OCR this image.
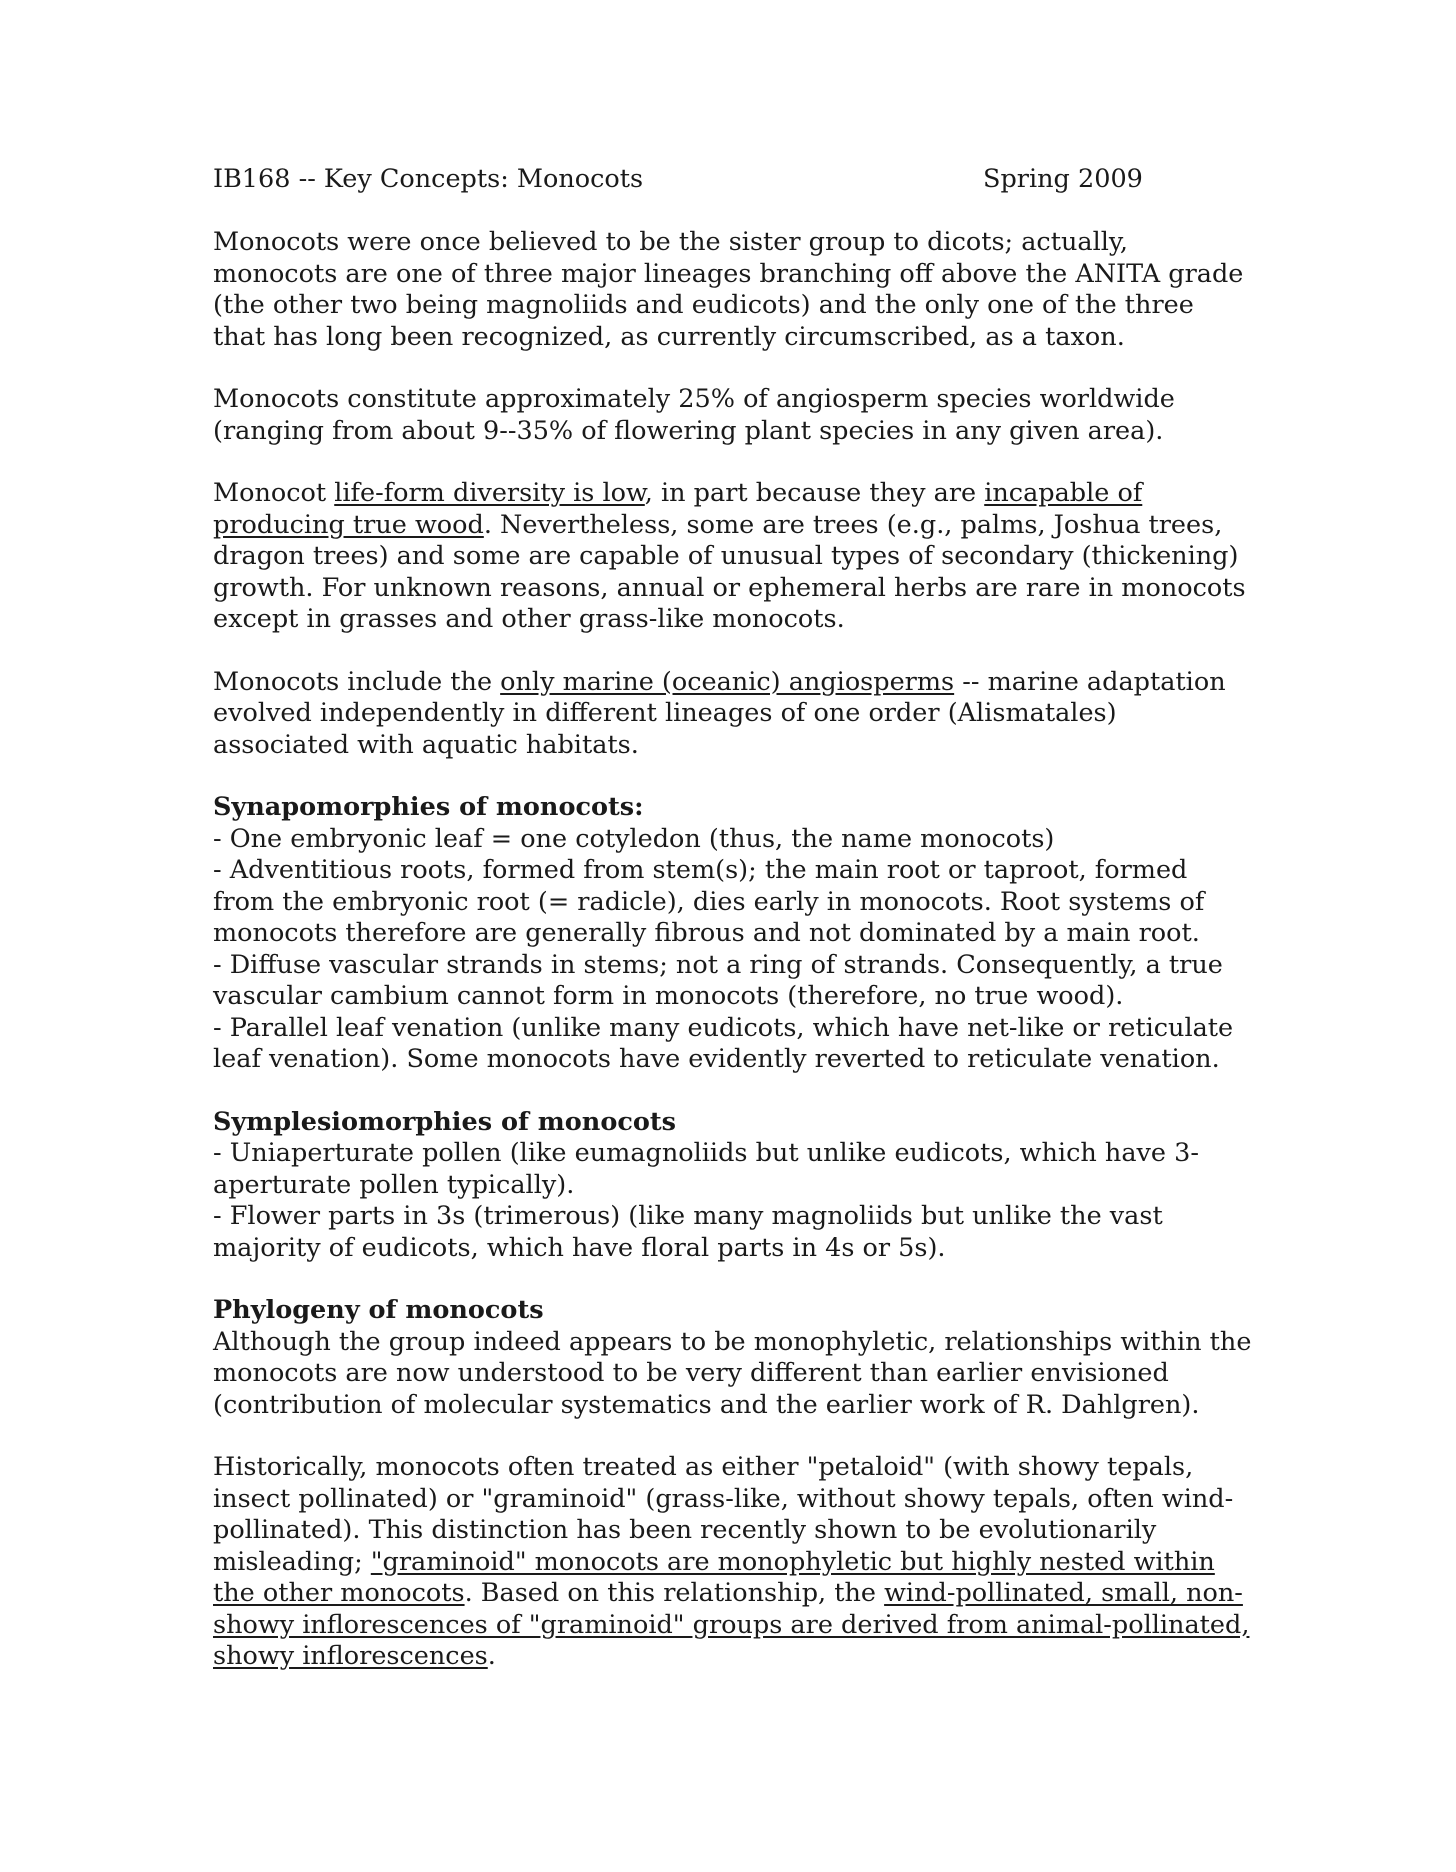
IB168 -- Key Concepts: Monocots	Spring 2009

Monocots were once believed to be the sister group to dicots; actually, monocots are one of three major lineages branching off above the ANITA grade (the other two being magnoliids and eudicots) and the only one of the three that has long been recognized, as currently circumscribed, as a taxon.

Monocots constitute approximately 25% of angiosperm species worldwide (ranging from about 9--35% of flowering plant species in any given area).

Monocot life-form diversity is low, in part because they are incapable of producing true wood. Nevertheless, some are trees (e.g., palms, Joshua trees, dragon trees) and some are capable of unusual types of secondary (thickening) growth. For unknown reasons, annual or ephemeral herbs are rare in monocots except in grasses and other grass-like monocots.

Monocots include the only marine (oceanic) angiosperms -- marine adaptation evolved independently in different lineages of one order (Alismatales) associated with aquatic habitats.

Synapomorphies of monocots:

- One embryonic leaf = one cotyledon (thus, the name monocots)

- Adventitious roots, formed from stem(s); the main root or taproot, formed from the embryonic root (= radicle), dies early in monocots. Root systems of monocots therefore are generally fibrous and not dominated by a main root.

- Diffuse vascular strands in stems; not a ring of strands. Consequently, a true vascular cambium cannot form in monocots (therefore, no true wood).

- Parallel leaf venation (unlike many eudicots, which have net-like or reticulate leaf venation). Some monocots have evidently reverted to reticulate venation.

Symplesiomorphies of monocots

- Uniaperturate pollen (like eumagnoliids but unlike eudicots, which have 3-aperturate pollen typically).

- Flower parts in 3s (trimerous) (like many magnoliids but unlike the vast majority of eudicots, which have floral parts in 4s or 5s).

Phylogeny of monocots

Although the group indeed appears to be monophyletic, relationships within the monocots are now understood to be very different than earlier envisioned (contribution of molecular systematics and the earlier work of R. Dahlgren).

Historically, monocots often treated as either "petaloid" (with showy tepals, insect pollinated) or "graminoid" (grass-like, without showy tepals, often wind-pollinated). This distinction has been recently shown to be evolutionarily misleading; "graminoid" monocots are monophyletic but highly nested within the other monocots. Based on this relationship, the wind-pollinated, small, non-showy inflorescences of "graminoid" groups are derived from animal-pollinated, showy inflorescences.
